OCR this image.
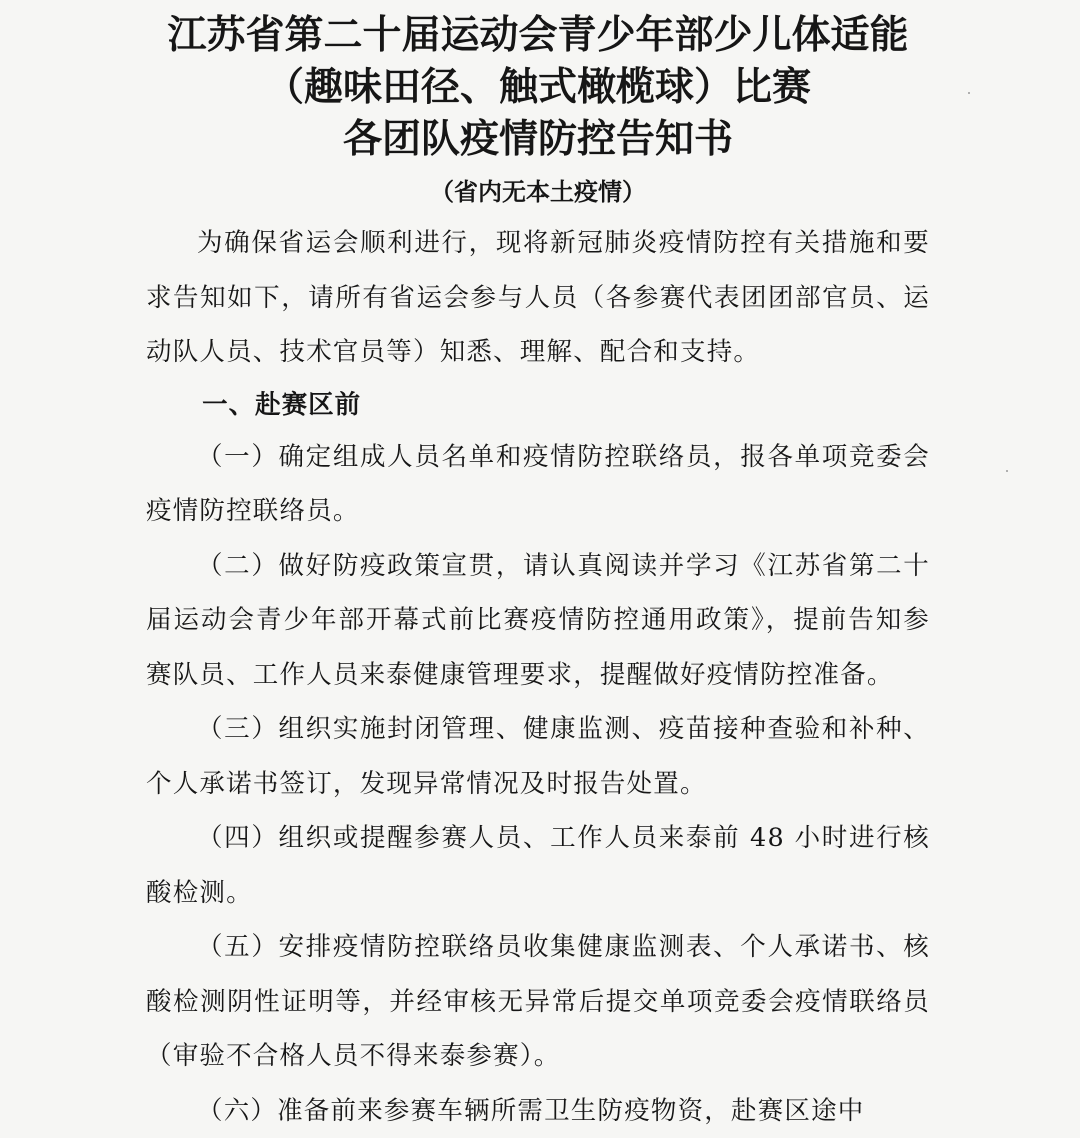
江苏省第二十届运动会青少年部少儿体适能
（趣味田径、触式橄榄球）比赛
各团队疫情防控告知书
（省内无本土疫情）

为确保省运会顺利进行，现将新冠肺炎疫情防控有关措施和要求告知如下，请所有省运会参与人员（各参赛代表团团部官员、运动队人员、技术官员等）知悉、理解、配合和支持。

一、赴赛区前

（一）确定组成人员名单和疫情防控联络员，报各单项竞委会疫情防控联络员。

（二）做好防疫政策宣贯，请认真阅读并学习《江苏省第二十届运动会青少年部开幕式前比赛疫情防控通用政策》，提前告知参赛队员、工作人员来泰健康管理要求，提醒做好疫情防控准备。

（三）组织实施封闭管理、健康监测、疫苗接种查验和补种、个人承诺书签订，发现异常情况及时报告处置。

（四）组织或提醒参赛人员、工作人员来泰前 48 小时进行核酸检测。

（五）安排疫情防控联络员收集健康监测表、个人承诺书、核酸检测阴性证明等，并经审核无异常后提交单项竞委会疫情联络员（审验不合格人员不得来泰参赛）。

（六）准备前来参赛车辆所需卫生防疫物资，赴赛区途中
